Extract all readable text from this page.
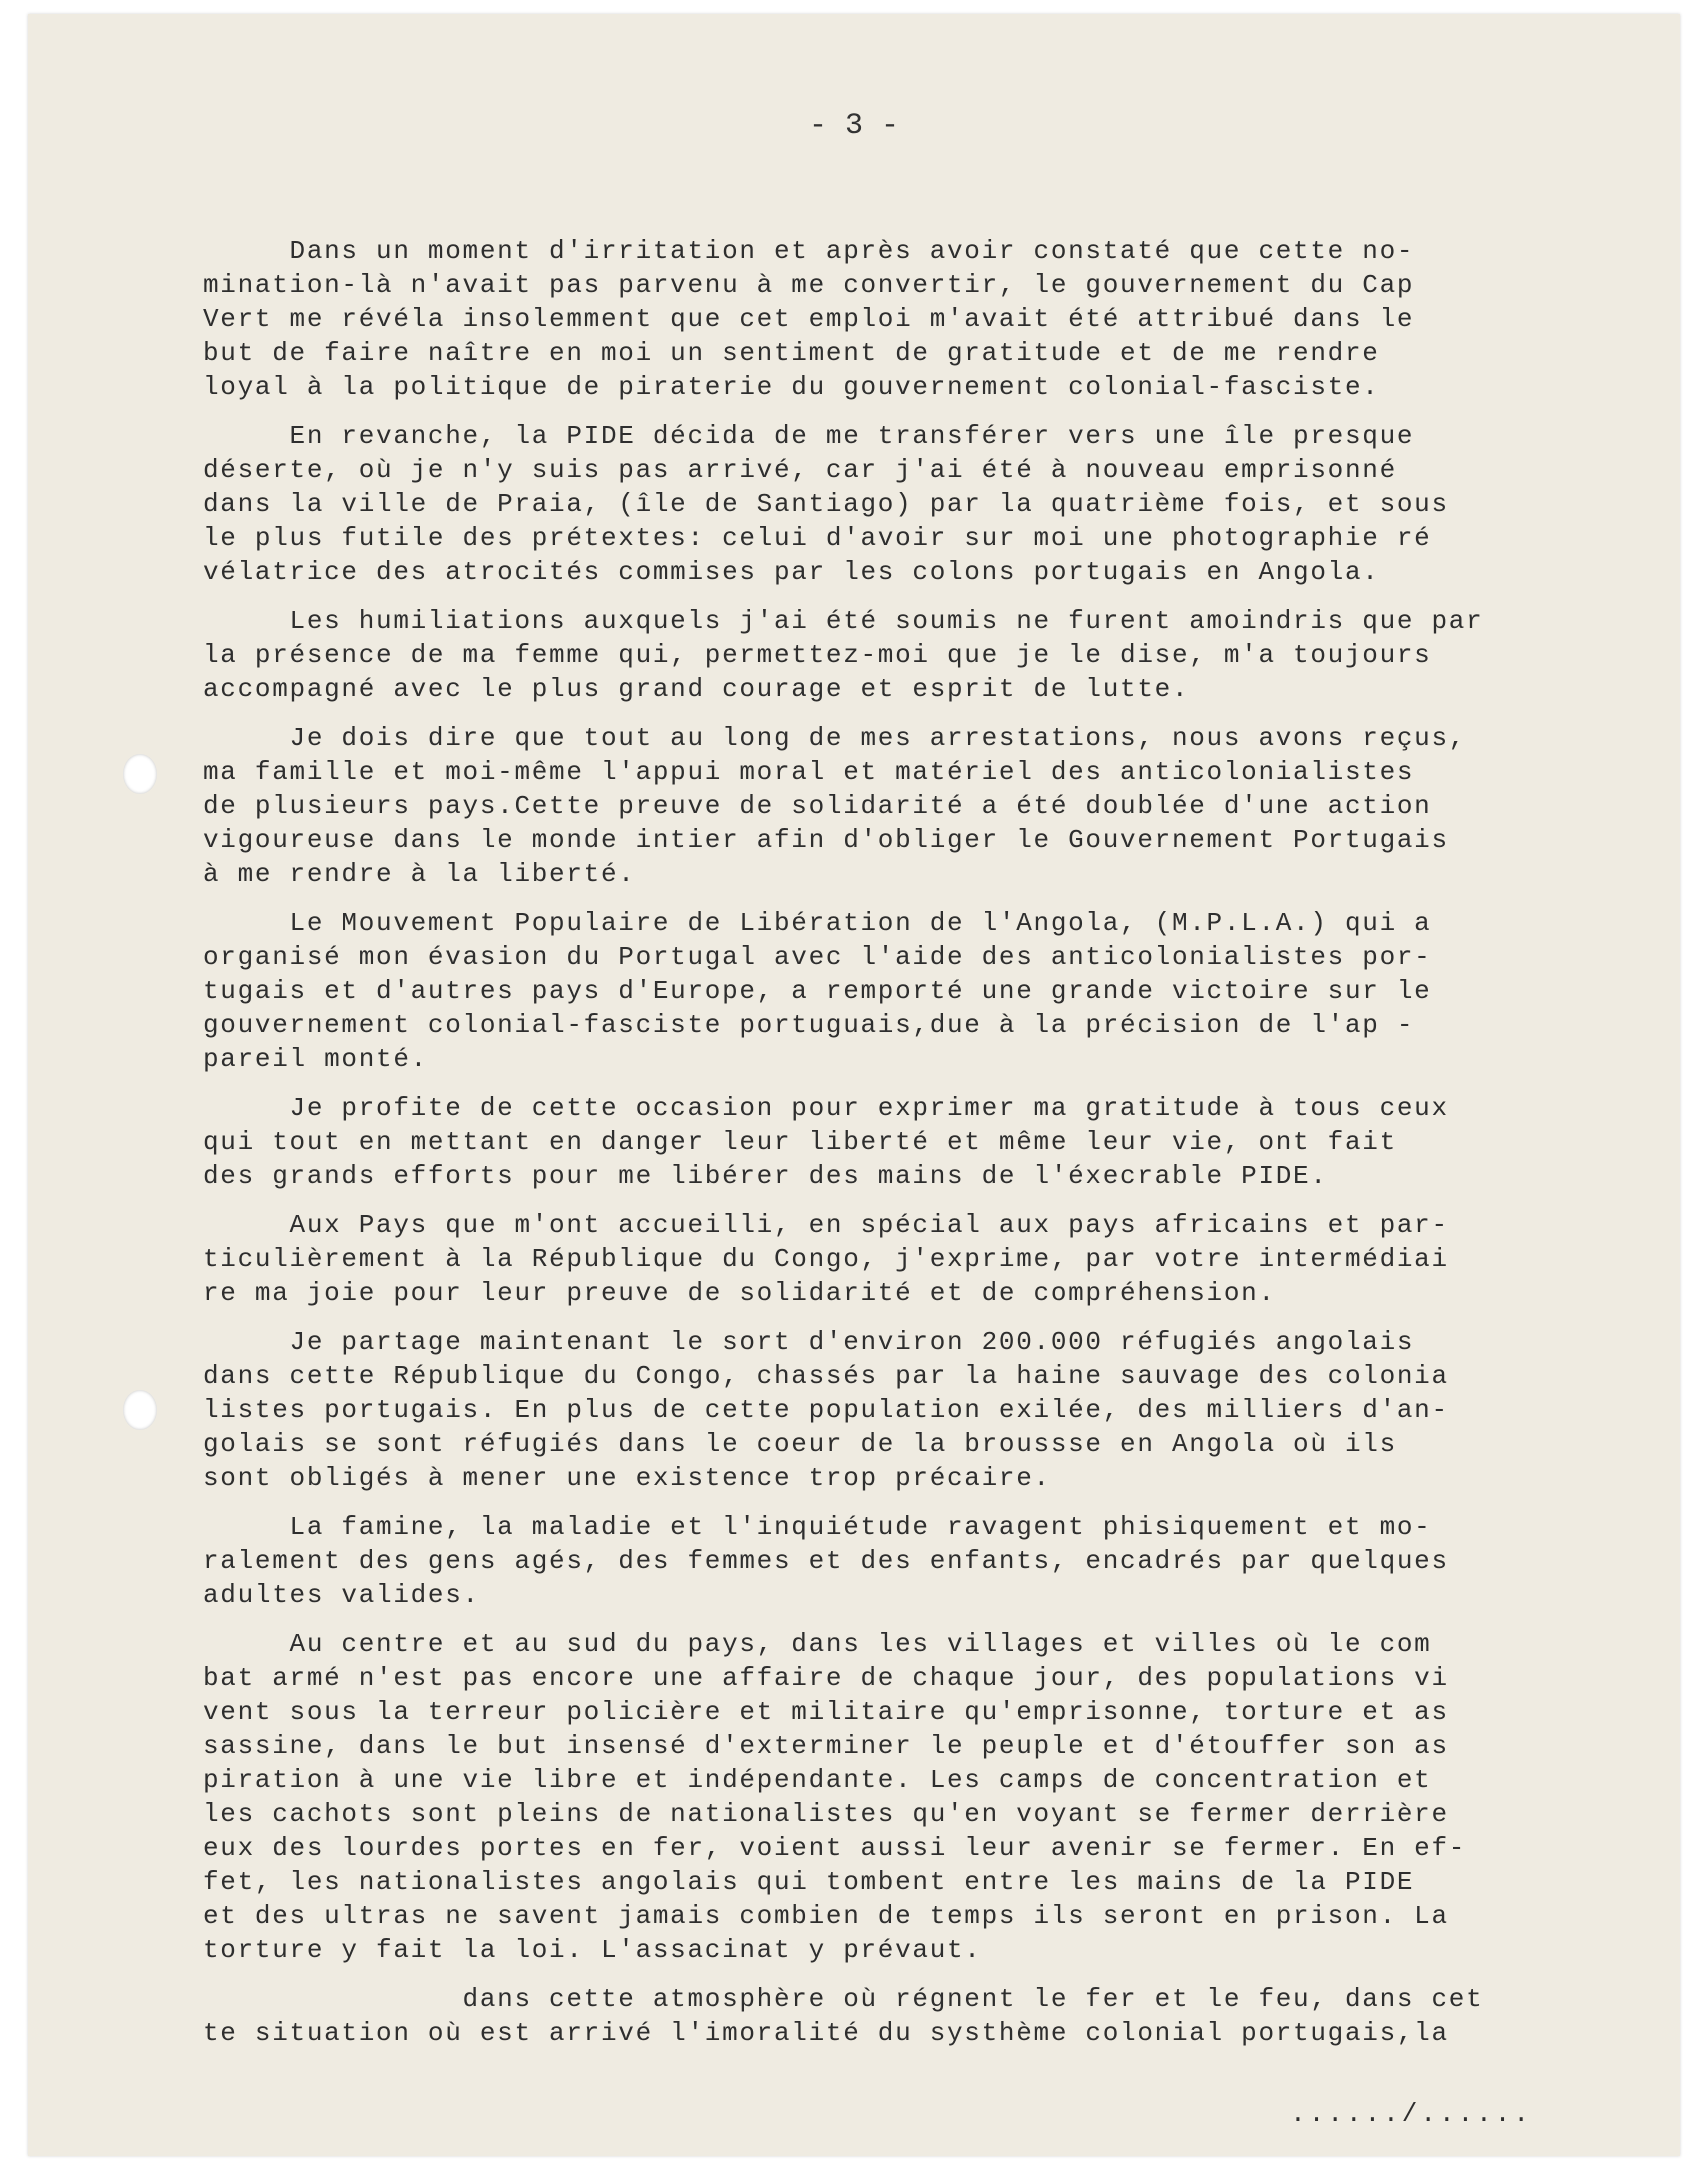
- 3 -
Dans un moment d'irritation et après avoir constaté que cette no-
mination-là n'avait pas parvenu à me convertir, le gouvernement du Cap
Vert me révéla insolemment que cet emploi m'avait été attribué dans le
but de faire naître en moi un sentiment de gratitude et de me rendre
loyal à la politique de piraterie du gouvernement colonial-fasciste.
En revanche, la PIDE décida de me transférer vers une île presque
déserte, où je n'y suis pas arrivé, car j'ai été à nouveau emprisonné
dans la ville de Praia, (île de Santiago) par la quatrième fois, et sous
le plus futile des prétextes: celui d'avoir sur moi une photographie ré
vélatrice des atrocités commises par les colons portugais en Angola.
Les humiliations auxquels j'ai été soumis ne furent amoindris que par
la présence de ma femme qui, permettez-moi que je le dise, m'a toujours
accompagné avec le plus grand courage et esprit de lutte.
Je dois dire que tout au long de mes arrestations, nous avons reçus,
ma famille et moi-même l'appui moral et matériel des anticolonialistes
de plusieurs pays.Cette preuve de solidarité a été doublée d'une action
vigoureuse dans le monde intier afin d'obliger le Gouvernement Portugais
à me rendre à la liberté.
Le Mouvement Populaire de Libération de l'Angola, (M.P.L.A.) qui a
organisé mon évasion du Portugal avec l'aide des anticolonialistes por-
tugais et d'autres pays d'Europe, a remporté une grande victoire sur le
gouvernement colonial-fasciste portuguais,due à la précision de l'ap -
pareil monté.
Je profite de cette occasion pour exprimer ma gratitude à tous ceux
qui tout en mettant en danger leur liberté et même leur vie, ont fait
des grands efforts pour me libérer des mains de l'éxecrable PIDE.
Aux Pays que m'ont accueilli, en spécial aux pays africains et par-
ticulièrement à la République du Congo, j'exprime, par votre intermédiai
re ma joie pour leur preuve de solidarité et de compréhension.
Je partage maintenant le sort d'environ 200.000 réfugiés angolais
dans cette République du Congo, chassés par la haine sauvage des colonia
listes portugais. En plus de cette population exilée, des milliers d'an-
golais se sont réfugiés dans le coeur de la broussse en Angola où ils
sont obligés à mener une existence trop précaire.
La famine, la maladie et l'inquiétude ravagent phisiquement et mo-
ralement des gens agés, des femmes et des enfants, encadrés par quelques
adultes valides.
Au centre et au sud du pays, dans les villages et villes où le com
bat armé n'est pas encore une affaire de chaque jour, des populations vi
vent sous la terreur policière et militaire qu'emprisonne, torture et as
sassine, dans le but insensé d'exterminer le peuple et d'étouffer son as
piration à une vie libre et indépendante. Les camps de concentration et
les cachots sont pleins de nationalistes qu'en voyant se fermer derrière
eux des lourdes portes en fer, voient aussi leur avenir se fermer. En ef-
fet, les nationalistes angolais qui tombent entre les mains de la PIDE
et des ultras ne savent jamais combien de temps ils seront en prison. La
torture y fait la loi. L'assacinat y prévaut.
dans cette atmosphère où régnent le fer et le feu, dans cet
te situation où est arrivé l'imoralité du systhème colonial portugais,la
....../......
